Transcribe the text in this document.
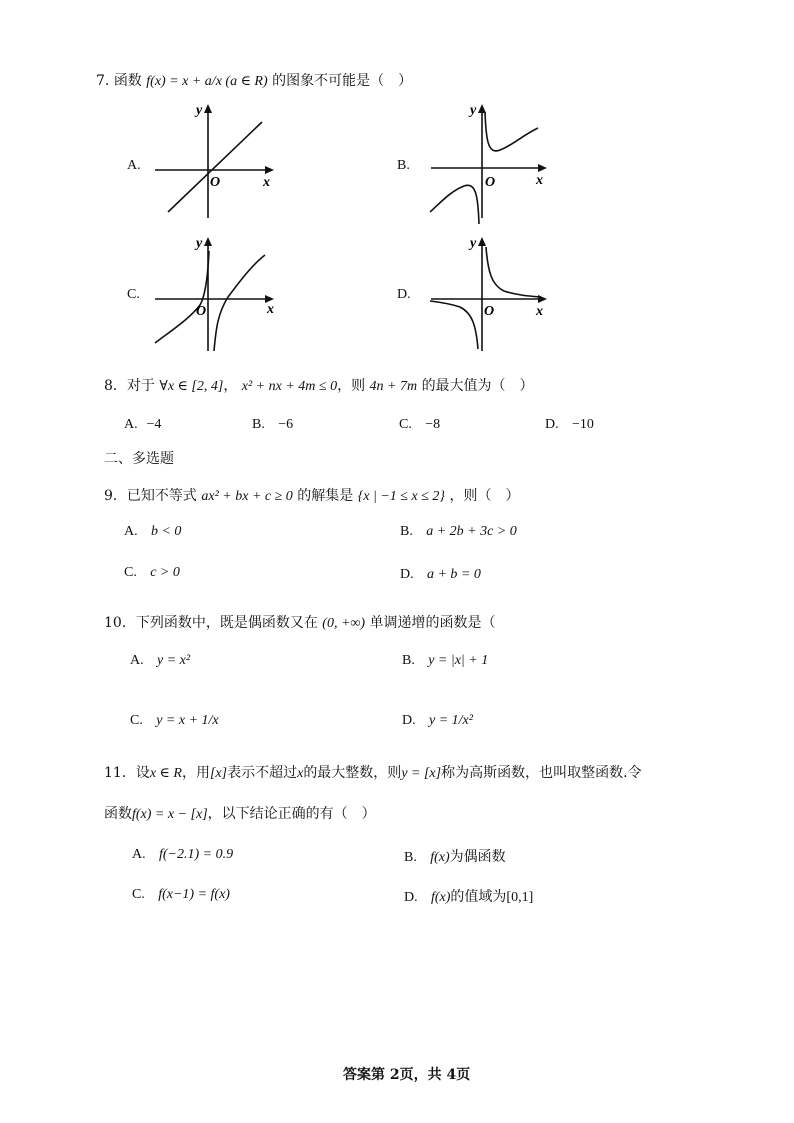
7. 函数 f(x) = x + a/x (a ∈ R) 的图象不可能是（　）
A.	B.
C.	D.
y
x
O
y
x
O
y
x
O
y
x
O
8．对于 ∀x ∈ [2, 4]， x² + nx + 4m ≤ 0，则 4n + 7m 的最大值为（　）
A. −4	B. −6	C. −8	D. −10
二、多选题
9．已知不等式 ax² + bx + c ≥ 0 的解集是 {x | −1 ≤ x ≤ 2} ，则（　）
A. b < 0	B. a + 2b + 3c > 0
C. c > 0	D. a + b = 0
10．下列函数中，既是偶函数又在 (0, +∞) 单调递增的函数是（
A. y = x²	B. y = |x| + 1
C. y = x + 1/x	D. y = 1/x²
11．设x ∈ R，用[x]表示不超过x的最大整数，则y = [x]称为高斯函数，也叫取整函数.令
函数f(x) = x − [x]，以下结论正确的有（　）
A. f(−2.1) = 0.9	B. f(x)为偶函数
C. f(x−1) = f(x)	D. f(x)的值域为[0,1]
答案第 2页，共 4页
